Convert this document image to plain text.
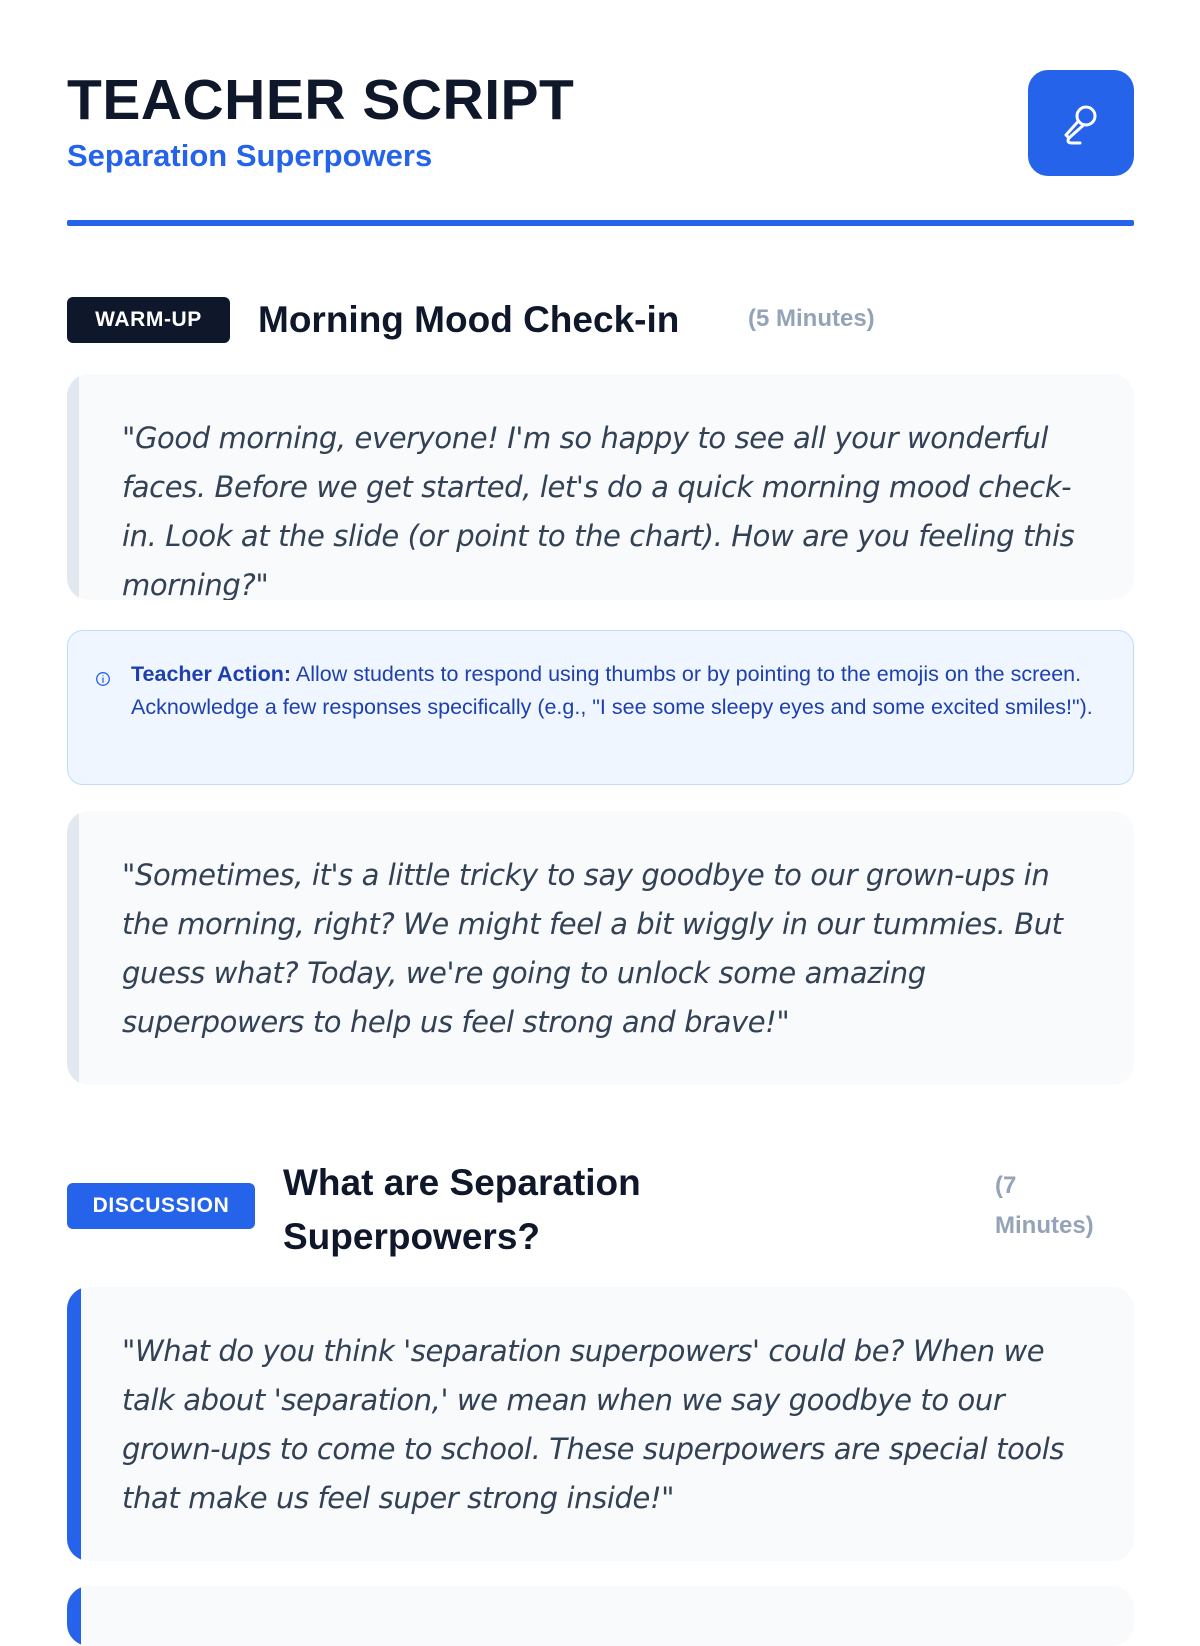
TEACHER SCRIPT
Separation Superpowers
WARM-UP	Morning Mood Check-in	(5 Minutes)

"Good morning, everyone! I'm so happy to see all your wonderful faces. Before we get started, let's do a quick morning mood check-in. Look at the slide (or point to the chart). How are you feeling this morning?"

Teacher Action: Allow students to respond using thumbs or by pointing to the emojis on the screen. Acknowledge a few responses specifically (e.g., "I see some sleepy eyes and some excited smiles!").

"Sometimes, it's a little tricky to say goodbye to our grown-ups in the morning, right? We might feel a bit wiggly in our tummies. But guess what? Today, we're going to unlock some amazing superpowers to help us feel strong and brave!"

DISCUSSION
What are Separation Superpowers?
(7 Minutes)

"What do you think 'separation superpowers' could be? When we talk about 'separation,' we mean when we say goodbye to our grown-ups to come to school. These superpowers are special tools that make us feel super strong inside!"
